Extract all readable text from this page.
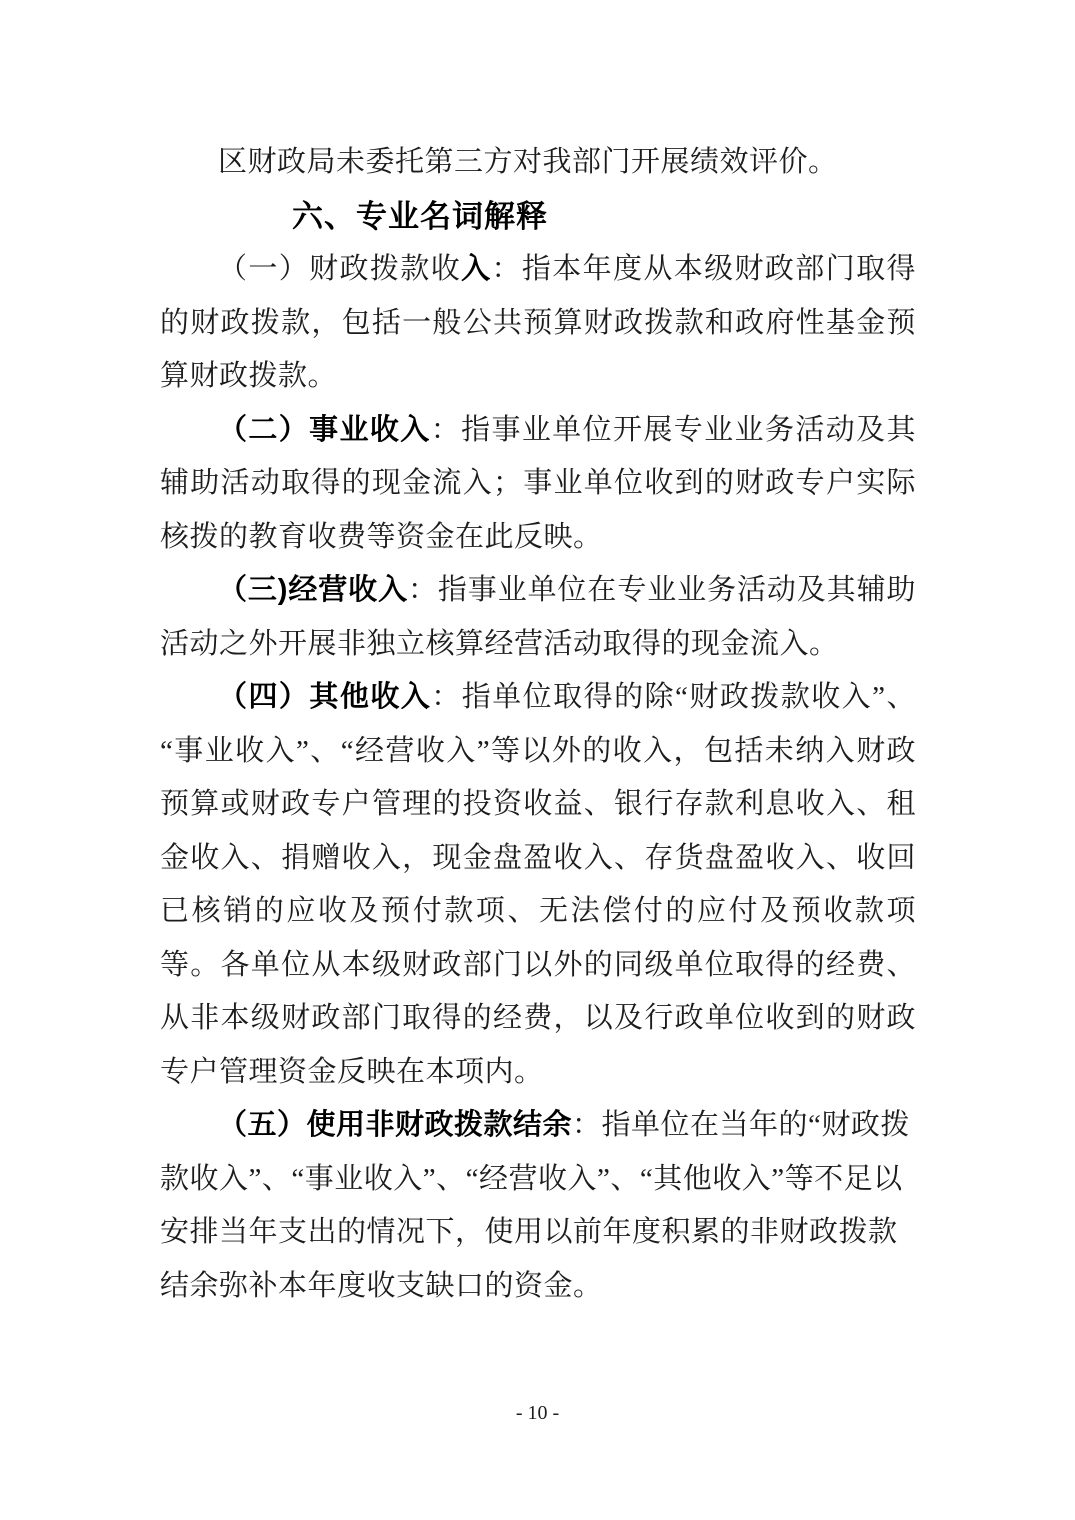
区财政局未委托第三方对我部门开展绩效评价。

六、专业名词解释

（一）财政拨款收入：指本年度从本级财政部门取得的财政拨款，包括一般公共预算财政拨款和政府性基金预算财政拨款。

（二）事业收入：指事业单位开展专业业务活动及其辅助活动取得的现金流入；事业单位收到的财政专户实际核拨的教育收费等资金在此反映。

（三)经营收入：指事业单位在专业业务活动及其辅助活动之外开展非独立核算经营活动取得的现金流入。

（四）其他收入：指单位取得的除“财政拨款收入”、“事业收入”、“经营收入”等以外的收入，包括未纳入财政预算或财政专户管理的投资收益、银行存款利息收入、租金收入、捐赠收入，现金盘盈收入、存货盘盈收入、收回已核销的应收及预付款项、无法偿付的应付及预收款项等。各单位从本级财政部门以外的同级单位取得的经费、从非本级财政部门取得的经费，以及行政单位收到的财政专户管理资金反映在本项内。

（五）使用非财政拨款结余：指单位在当年的“财政拨款收入”、“事业收入”、“经营收入”、“其他收入”等不足以安排当年支出的情况下，使用以前年度积累的非财政拨款结余弥补本年度收支缺口的资金。

- 10 -
